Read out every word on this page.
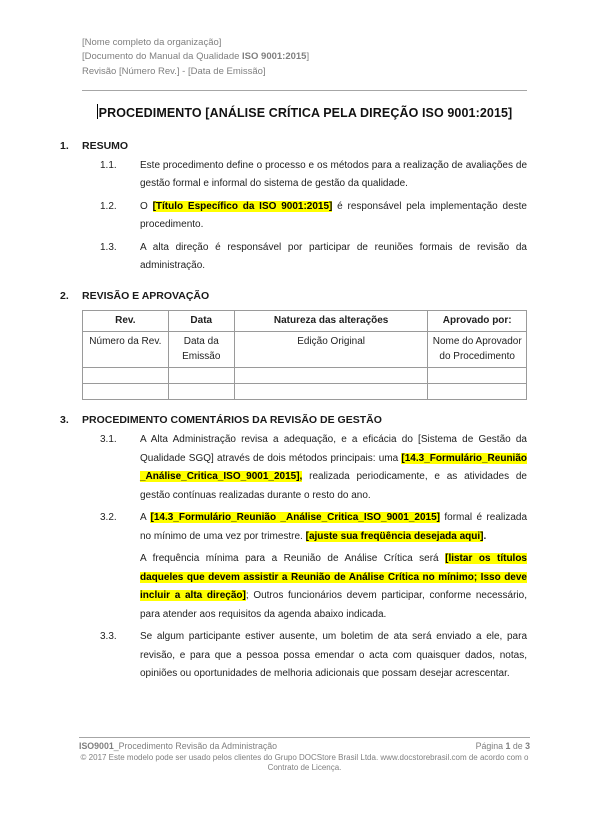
[Nome completo da organização]
[Documento do Manual da Qualidade ISO 9001:2015]
Revisão [Número Rev.] - [Data de Emissão]
PROCEDIMENTO [ANÁLISE CRÍTICA PELA DIREÇÃO ISO 9001:2015]
1.	RESUMO
1.1.	Este procedimento define o processo e os métodos para a realização de avaliações de gestão formal e informal do sistema de gestão da qualidade.
1.2.	O [Título Específico da ISO 9001:2015] é responsável pela implementação deste procedimento.
1.3.	A alta direção é responsável por participar de reuniões formais de revisão da administração.
2.	REVISÃO E APROVAÇÃO
Rev.	Data	Natureza das alterações	Aprovado por:
Número da Rev.	Data da Emissão	Edição Original	Nome do Aprovador do Procedimento

3.	PROCEDIMENTO COMENTÁRIOS DA REVISÃO DE GESTÃO
3.1.	A Alta Administração revisa a adequação, e a eficácia do [Sistema de Gestão da Qualidade SGQ] através de dois métodos principais: uma [14.3_Formulário_Reunião _Análise_Critica_ISO_9001_2015], realizada periodicamente, e as atividades de gestão contínuas realizadas durante o resto do ano.
3.2.	A [14.3_Formulário_Reunião _Análise_Critica_ISO_9001_2015] formal é realizada no mínimo de uma vez por trimestre. [ajuste sua freqüência desejada aqui].
A frequência mínima para a Reunião de Análise Crítica será [listar os títulos daqueles que devem assistir a Reunião de Análise Crítica no mínimo; Isso deve incluir a alta direção]; Outros funcionários devem participar, conforme necessário, para atender aos requisitos da agenda abaixo indicada.
3.3.	Se algum participante estiver ausente, um boletim de ata será enviado a ele, para revisão, e para que a pessoa possa emendar o acta com quaisquer dados, notas, opiniões ou oportunidades de melhoria adicionais que possam desejar acrescentar.
ISO9001_Procedimento Revisão da Administração	Página 1 de 3
© 2017 Este modelo pode ser usado pelos clientes do Grupo DOCStore Brasil Ltda. www.docstorebrasil.com de acordo com o Contrato de Licença.
